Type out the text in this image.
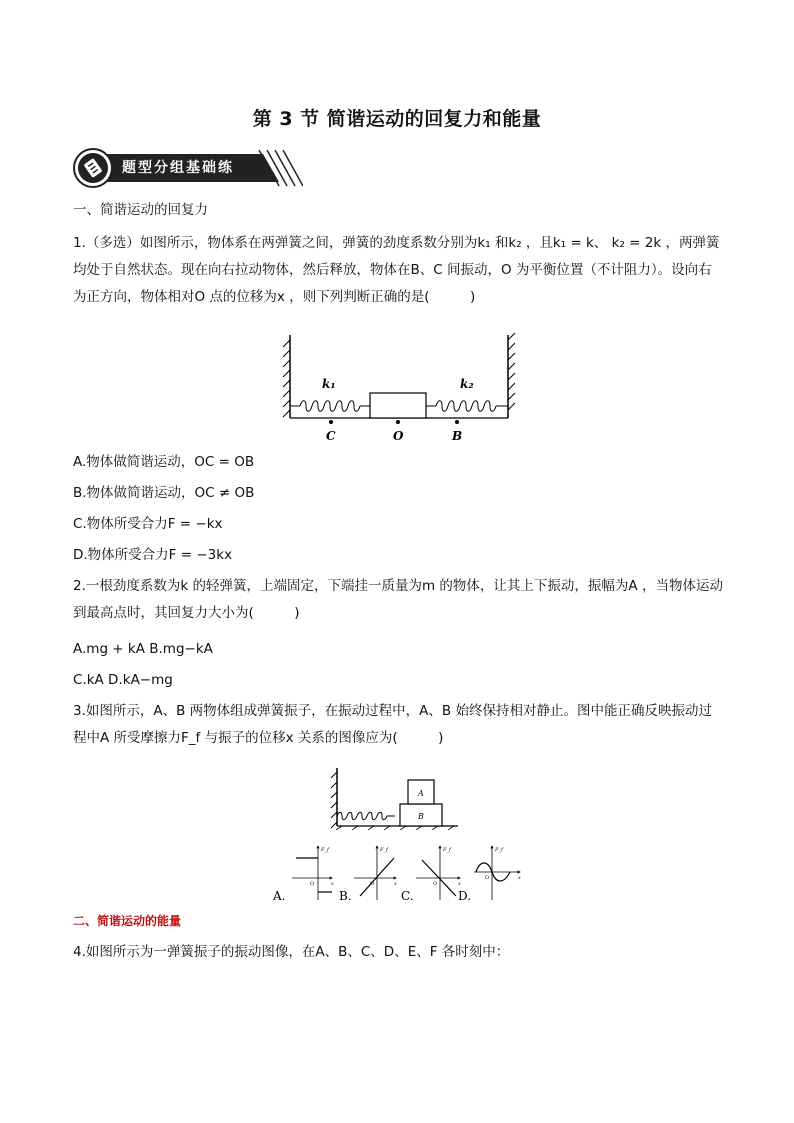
第 3 节 简谐运动的回复力和能量
题型分组基础练
一、简谐运动的回复力
1.（多选）如图所示，物体系在两弹簧之间，弹簧的劲度系数分别为k₁ 和k₂ ，且k₁ = k、 k₂ = 2k ，两弹簧均处于自然状态。现在向右拉动物体，然后释放，物体在B、C 间振动，O 为平衡位置（不计阻力）。设向右为正方向，物体相对O 点的位移为x ，则下列判断正确的是(　　　)
k₁	k₂
C	O	B
A.物体做简谐运动，OC = OB
B.物体做简谐运动，OC ≠ OB
C.物体所受合力F = −kx
D.物体所受合力F = −3kx
2.一根劲度系数为k 的轻弹簧，上端固定，下端挂一质量为m 的物体，让其上下振动，振幅为A ，当物体运动到最高点时，其回复力大小为(　　　)
A.mg + kA B.mg−kA
C.kA D.kA−mg
3.如图所示，A、B 两物体组成弹簧振子，在振动过程中，A、B 始终保持相对静止。图中能正确反映振动过程中A 所受摩擦力F_f 与振子的位移x 关系的图像应为(　　　)
A
B
F_f
x
O
A.
F_f
x
O
B.
F_f
x
O
C.
F_f
x
O
D.
二、简谐运动的能量
4.如图所示为一弹簧振子的振动图像，在A、B、C、D、E、F 各时刻中：
